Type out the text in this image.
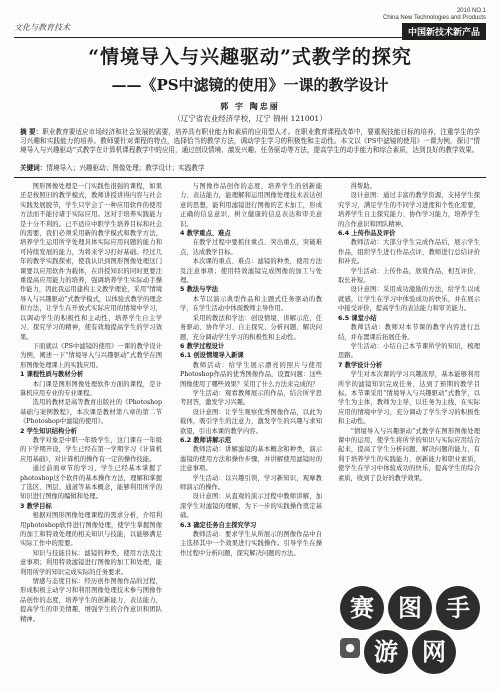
文化与教育技术
2010 NO.1
China New Technologies and Products
中国新技术新产品
“情境导入与兴趣驱动”式教学的探究
——《PS中滤镜的使用》一课的教学设计
郭 宇 陶忠丽
（辽宁省农业经济学校，辽宁 锦州 121001）
摘 要：职业教育要适应市场经济和社会发展的需要，培养具有职业能力和素质的应用型人才。在职业教育课程改革中，要重视技能目标的培养，注重学生的学习兴趣和实践能力的培养。教师要针对课程的特点，选择恰当的教学方法，调动学生学习的积极性和主动性。本文以《PS中滤镜的使用》一课为例，探讨“情境导入与兴趣驱动”式教学在计算机课程教学中的应用，通过创设情境、激发兴趣、任务驱动等方法，提高学生的动手能力和综合素质，达到良好的教学效果。
关键词：情境导入；兴趣驱动；图像处理；教学设计；实践教学

图形图像处理是一门实践性很强的课程，如果还是按照旧的教学模式，教师讲授讲得内容与社会实践发展脱节，学生只学会了一种应用软件的使用方法而不能付诸于实际应用。这对于培养实践能力是十分不利的。已不适应中职学生培养目标和社会的需要，我们必须采用新的教学模式和教学方法，培养学生运用所学处理具体实际应用问题的能力和可持续发展的能力，为将来学习打好基础。经过几年的教学实践探索，使我认识到图形图像处理这门课要以应用软件为载体，在讲授知识的同时更要注重提高应用能力的培养，强调培养学生实际动手操作能力，因此我运用建构主义教学理论，采用“情境导入与兴趣驱动”式教学模式，以体验式教学的理念和方法，让学生在开放式实际应用的情境中学习，以调动学生的积极性和主动性，培养学生自主学习、探究学习的精神，使有效地提高学生的学习效果。

下面就以《PS中滤镜的使用》一课的教学设计为例，阐述一下“情境导入与兴趣驱动”式教学在图形图像处理课上的实践应用。

1 课程性质与教材分析

本门课是图形图像处理软件方面的课程，是计算机应用专业的专业课程。

选用的教材是高等教育出版社的《Photoshop基础与案例教程》，本次课是教材第八章的第二节《Photoshop中滤镜的使用》。

2 学生知识结构分析

教学对象是中职一年级学生，这门课在一年级的下学期开设，学生已经在第一学期学习《计算机应用基础》，对计算机的操作有一定的操作技能。

通过前面章节的学习，学生已经基本掌握了photoshop这个软件的基本操作方法，理解和掌握了选区、图层、通道等基本概念，能够利用所学的知识进行图像的编辑和处理。

3 教学目标

根据对图形图像处理课程的需求分析，介绍利用photoshop软件进行图像处理，使学生掌握图像的加工和特效处理的相关知识与技能，以能够满足实际工作中的需要。

知识与技能目标：滤镜的种类，使用方法及注意事项；利用特效滤镜进行图像的加工和处理，能利用所学的知识完成实际的任务要求。

情感与态度目标：经历创作图像作品的过程，形成积极主动学习和利用图像处理技术参与图像作品创作的态度，培养学生的创新能力、表达能力，提高学生的审美情趣，增强学生的合作意识和团队精神。

与图像作品创作的态度，培养学生的创新能力、表达能力，能理解和运用图像处理技术表达创意的思想，能利用滤镜进行图像的艺术加工，形成正确的信息意识，树立健康的信息表达和审美意识。

4 教学重点、难点

在教学过程中要抓住重点、突出重点，突破难点，达成教学目标。

本次课的重点、难点：滤镜的种类，使用方法及注意事项；使用特效滤镜完成图像的加工与处理。

5 教法与学法

本节以演示典型作品和主题式任务驱动的教学，在学生活动中体现教师主导作用。

采用的教法和学法：创设情境、讲解示范、任务驱动、协作学习、自主探究、分析问题、解决问题，充分调动学生学习的积极性和主动性。

6 教学过程设计

6.1 创设情境导入新课

教师活动：给学生展示漂亮的照片与使用Photoshop作品的优秀图像作品，设置问题：这些图像使用了哪些效果？采用了什么方法来完成的？

学生活动：观看教师展示的作品，结合所学思考回答，激发学习兴趣。

设计意图：让学生观察优秀图像作品，以此为载体，吸引学生的注意力，激发学生的兴趣与求知欲望，引出本课的教学内容。

6.2 教师讲解示范

教师活动：讲解滤镜的基本概念和种类，演示滤镜的使用方法和操作步骤，并讲解使用滤镜时的注意事项。

学生活动：以兴趣引领，学习新知识，观摩教师演示的操作。

设计意图：从直观的演示过程中教师讲解，加深学生对滤镜的理解，为下一步的实践操作奠定基础。

6.3 确定任务自主探究学习

教师活动：要求学生从所展示的图像作品中自主选择其中一个效果进行实践操作。引导学生在操作过程中分析问题，探究解决问题的方法。

得帮助。

设计意图：通过丰富的教学资源，支持学生探究学习，满足学生的不同学习进度和个性化需要，培养学生自主探究能力、协作学习能力，培养学生的合作意识和团队精神。

6.4 上传作品及评价

教师活动：大部分学生完成作品后，展示学生作品，组织学生进行作品点评，教师进行总结评价和补充。

学生活动：上传作品，欣赏作品，相互评价，取长补短。

设计意图：采用成功激励的方法，给学生以成就感，让学生在学习中体验成功的快乐，并在展示中接受评价，提高学生的表达能力和审美能力。

6.5 课堂小结

教师活动：教师对本节课的教学内容进行总结，并布置课后拓展任务。

学生活动：小结自己本节课所学的知识，梳理思路。

7 教学设计分析

学生对本次课的学习兴趣浓厚，基本能够利用所学的滤镜知识完成任务，达到了预期的教学目标。本节课采用“情境导入与兴趣驱动”式教学，以学生为主体，教师为主导，以任务为主线，在实际应用的情境中学习，充分调动了学生学习的积极性和主动性。

“情境导入与兴趣驱动”式教学在图形图像处理课中的运用，使学生将所学的知识与实际应用结合起来，提高了学生分析问题、解决问题的能力，有利于培养学生的实践能力、创新能力和职业素质，使学生在学习中体验成功的快乐，提高学生的综合素质，收到了良好的教学效果。

赛	图	手
游	网
●
